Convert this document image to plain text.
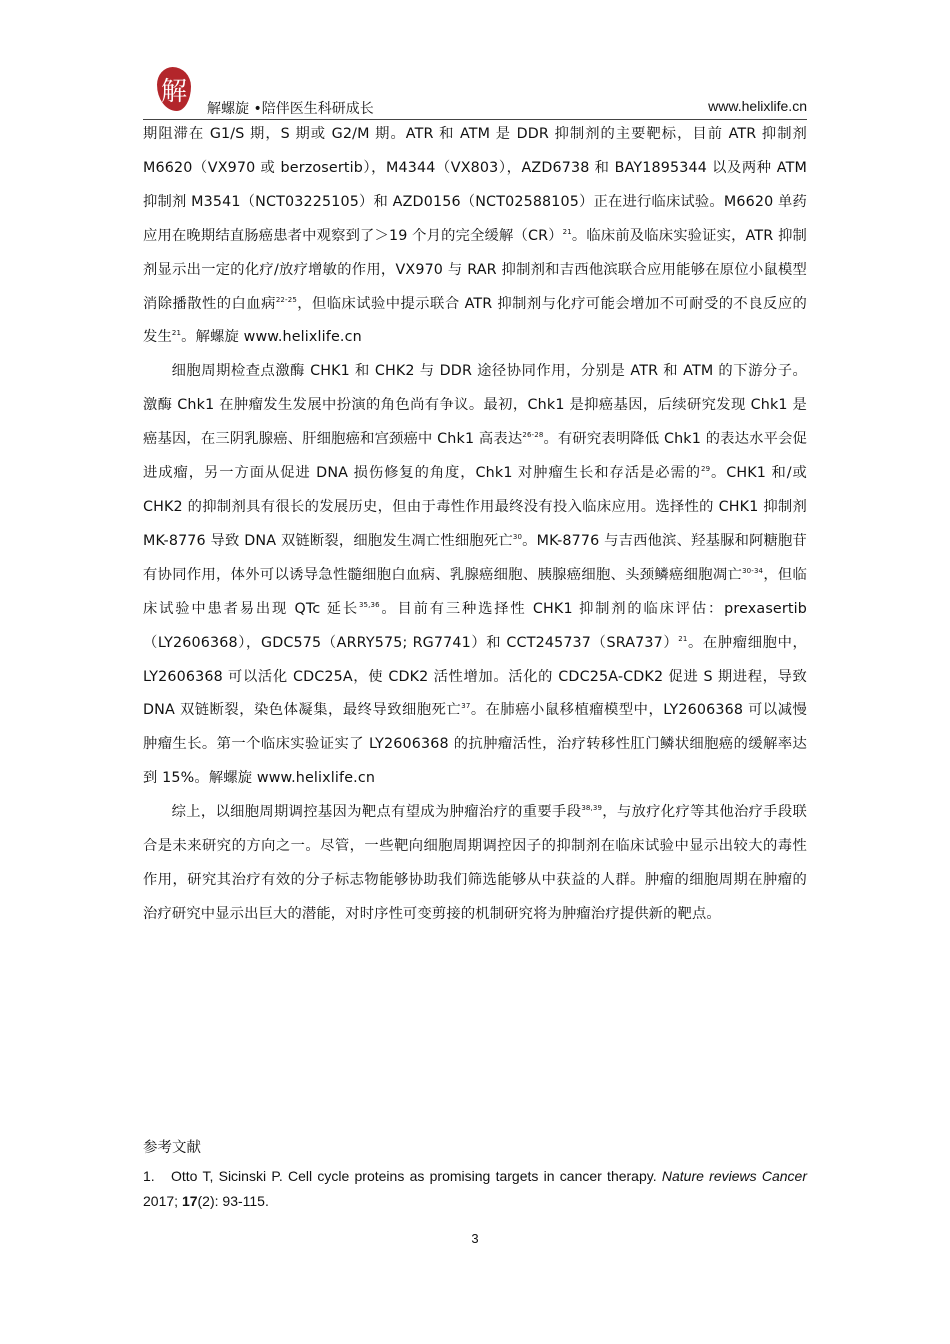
解
解螺旋 •陪伴医生科研成长	www.helixlife.cn

期阻滞在 G1/S 期，S 期或 G2/M 期。ATR 和 ATM 是 DDR 抑制剂的主要靶标，目前 ATR 抑制剂 M6620（VX970 或 berzosertib），M4344（VX803），AZD6738 和 BAY1895344 以及两种 ATM 抑制剂 M3541（NCT03225105）和 AZD0156（NCT02588105）正在进行临床试验。M6620 单药应用在晚期结直肠癌患者中观察到了＞19 个月的完全缓解（CR）$^{21}$。临床前及临床实验证实，ATR 抑制剂显示出一定的化疗/放疗增敏的作用，VX970 与 RAR 抑制剂和吉西他滨联合应用能够在原位小鼠模型消除播散性的白血病$^{22-25}$，但临床试验中提示联合 ATR 抑制剂与化疗可能会增加不可耐受的不良反应的发生$^{21}$。解螺旋 www.helixlife.cn

细胞周期检查点激酶 CHK1 和 CHK2 与 DDR 途径协同作用，分别是 ATR 和 ATM 的下游分子。激酶 Chk1 在肿瘤发生发展中扮演的角色尚有争议。最初，Chk1 是抑癌基因，后续研究发现 Chk1 是癌基因，在三阴乳腺癌、肝细胞癌和宫颈癌中 Chk1 高表达$^{26-28}$。有研究表明降低 Chk1 的表达水平会促进成瘤，另一方面从促进 DNA 损伤修复的角度，Chk1 对肿瘤生长和存活是必需的$^{29}$。CHK1 和/或 CHK2 的抑制剂具有很长的发展历史，但由于毒性作用最终没有投入临床应用。选择性的 CHK1 抑制剂 MK-8776 导致 DNA 双链断裂，细胞发生凋亡性细胞死亡$^{30}$。MK-8776 与吉西他滨、羟基脲和阿糖胞苷有协同作用，体外可以诱导急性髓细胞白血病、乳腺癌细胞、胰腺癌细胞、头颈鳞癌细胞凋亡$^{30-34}$，但临床试验中患者易出现 QTc 延长$^{35,36}$。目前有三种选择性 CHK1 抑制剂的临床评估：prexasertib（LY2606368），GDC575（ARRY575; RG7741）和 $CCT245737(SRA737)^{21}$。在肿瘤细胞中，LY2606368 可以活化 CDC25A，使 CDK2 活性增加。活化的 CDC25A-CDK2 促进 S 期进程，导致 DNA 双链断裂，染色体凝集，最终导致细胞死亡$^{37}$。在肺癌小鼠移植瘤模型中，LY2606368 可以减慢肿瘤生长。第一个临床实验证实了 LY2606368 的抗肿瘤活性，治疗转移性肛门鳞状细胞癌的缓解率达到 15%。解螺旋 www.helixlife.cn

综上，以细胞周期调控基因为靶点有望成为肿瘤治疗的重要手段$^{38,39}$，与放疗化疗等其他治疗手段联合是未来研究的方向之一。尽管，一些靶向细胞周期调控因子的抑制剂在临床试验中显示出较大的毒性作用，研究其治疗有效的分子标志物能够协助我们筛选能够从中获益的人群。肿瘤的细胞周期在肿瘤的治疗研究中显示出巨大的潜能，对时序性可变剪接的机制研究将为肿瘤治疗提供新的靶点。

参考文献

1. Otto T, Sicinski P. Cell cycle proteins as promising targets in cancer therapy. Nature reviews Cancer 2017; 17(2): 93-115.

3
